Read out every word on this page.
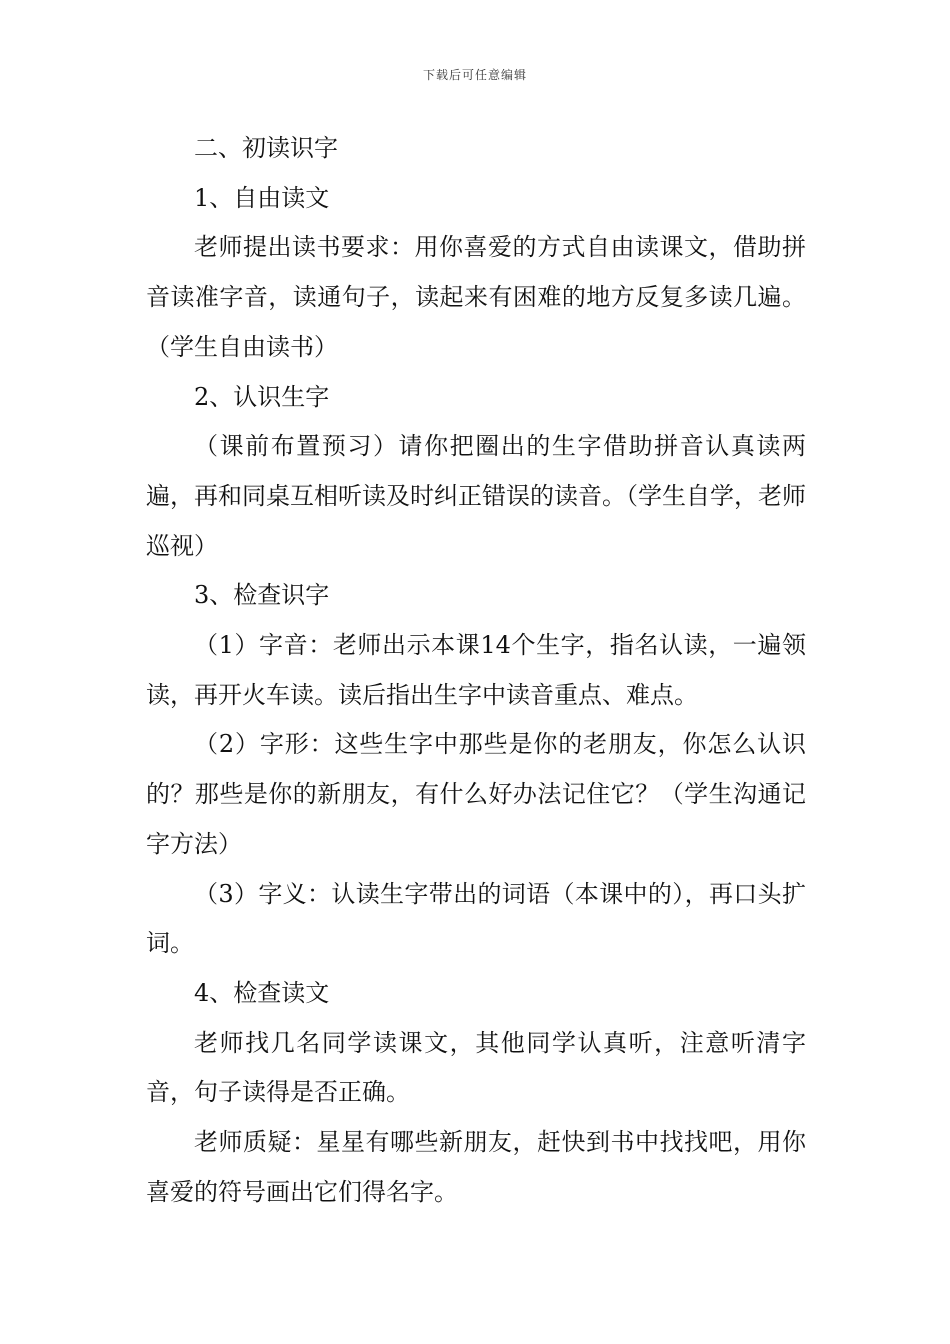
下载后可任意编辑

二、初读识字

1、自由读文

老师提出读书要求：用你喜爱的方式自由读课文，借助拼音读准字音，读通句子，读起来有困难的地方反复多读几遍。（学生自由读书）

2、认识生字

（课前布置预习）请你把圈出的生字借助拼音认真读两遍，再和同桌互相听读及时纠正错误的读音。（学生自学，老师巡视）

3、检查识字

（1）字音：老师出示本课14个生字，指名认读，一遍领读，再开火车读。读后指出生字中读音重点、难点。

（2）字形：这些生字中那些是你的老朋友，你怎么认识的？那些是你的新朋友，有什么好办法记住它？（学生沟通记字方法）

（3）字义：认读生字带出的词语（本课中的），再口头扩词。

4、检查读文

老师找几名同学读课文，其他同学认真听，注意听清字音，句子读得是否正确。

老师质疑：星星有哪些新朋友，赶快到书中找找吧，用你喜爱的符号画出它们得名字。
